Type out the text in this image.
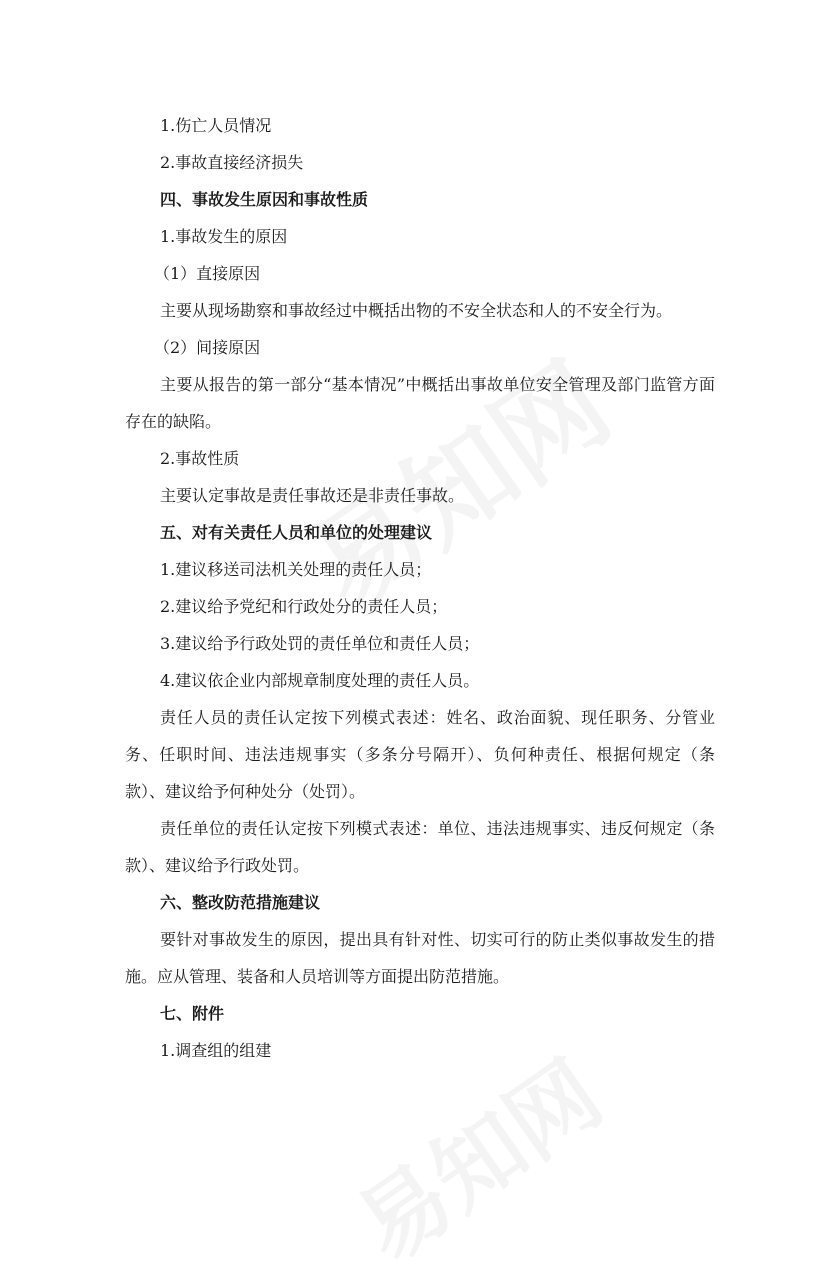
1.伤亡人员情况
2.事故直接经济损失
四、事故发生原因和事故性质
1.事故发生的原因
（1）直接原因
主要从现场勘察和事故经过中概括出物的不安全状态和人的不安全行为。
（2）间接原因
主要从报告的第一部分“基本情况”中概括出事故单位安全管理及部门监管方面存在的缺陷。
2.事故性质
主要认定事故是责任事故还是非责任事故。
五、对有关责任人员和单位的处理建议
1.建议移送司法机关处理的责任人员；
2.建议给予党纪和行政处分的责任人员；
3.建议给予行政处罚的责任单位和责任人员；
4.建议依企业内部规章制度处理的责任人员。
责任人员的责任认定按下列模式表述：姓名、政治面貌、现任职务、分管业务、任职时间、违法违规事实（多条分号隔开）、负何种责任、根据何规定（条款）、建议给予何种处分（处罚）。
责任单位的责任认定按下列模式表述：单位、违法违规事实、违反何规定（条款）、建议给予行政处罚。
六、整改防范措施建议
要针对事故发生的原因，提出具有针对性、切实可行的防止类似事故发生的措施。应从管理、装备和人员培训等方面提出防范措施。
七、附件
1.调查组的组建
